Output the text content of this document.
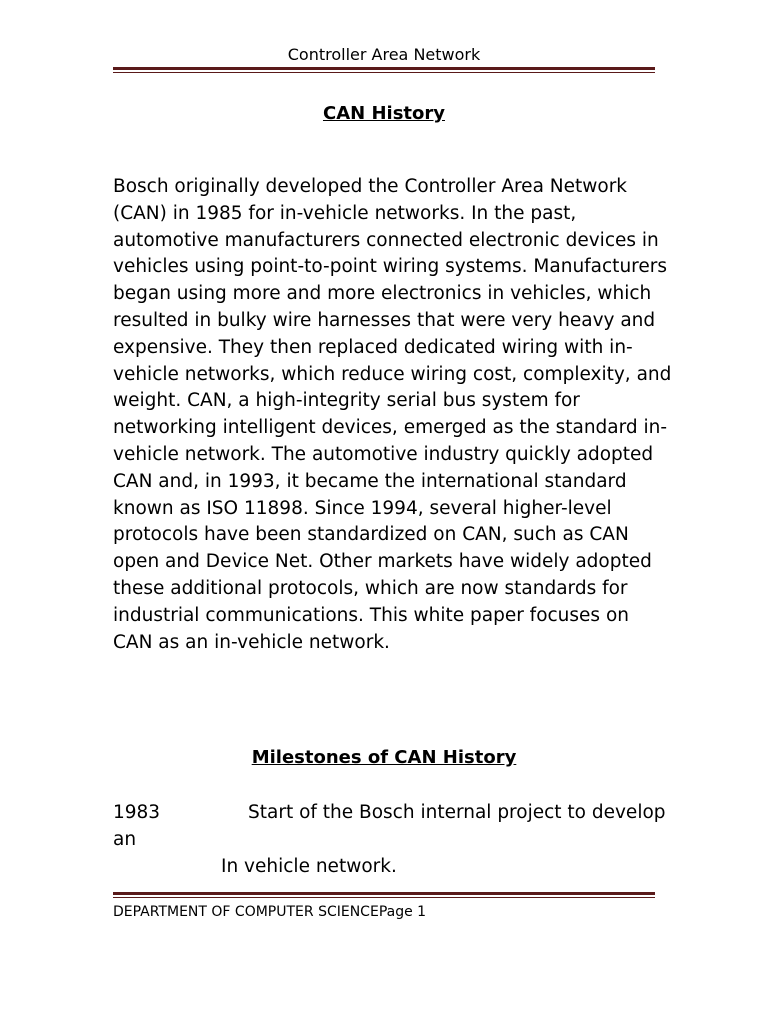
Controller Area Network
CAN History

Bosch originally developed the Controller Area Network (CAN) in 1985 for in-vehicle networks. In the past, automotive manufacturers connected electronic devices in vehicles using point-to-point wiring systems. Manufacturers began using more and more electronics in vehicles, which resulted in bulky wire harnesses that were very heavy and expensive. They then replaced dedicated wiring with in-vehicle networks, which reduce wiring cost, complexity, and weight. CAN, a high-integrity serial bus system for networking intelligent devices, emerged as the standard in-vehicle network. The automotive industry quickly adopted CAN and, in 1993, it became the international standard known as ISO 11898. Since 1994, several higher-level protocols have been standardized on CAN, such as CAN open and Device Net. Other markets have widely adopted these additional protocols, which are now standards for industrial communications. This white paper focuses on CAN as an in-vehicle network.

Milestones of CAN History
1983	Start of the Bosch internal project to develop an
In vehicle network.
DEPARTMENT OF COMPUTER SCIENCEPage 1
